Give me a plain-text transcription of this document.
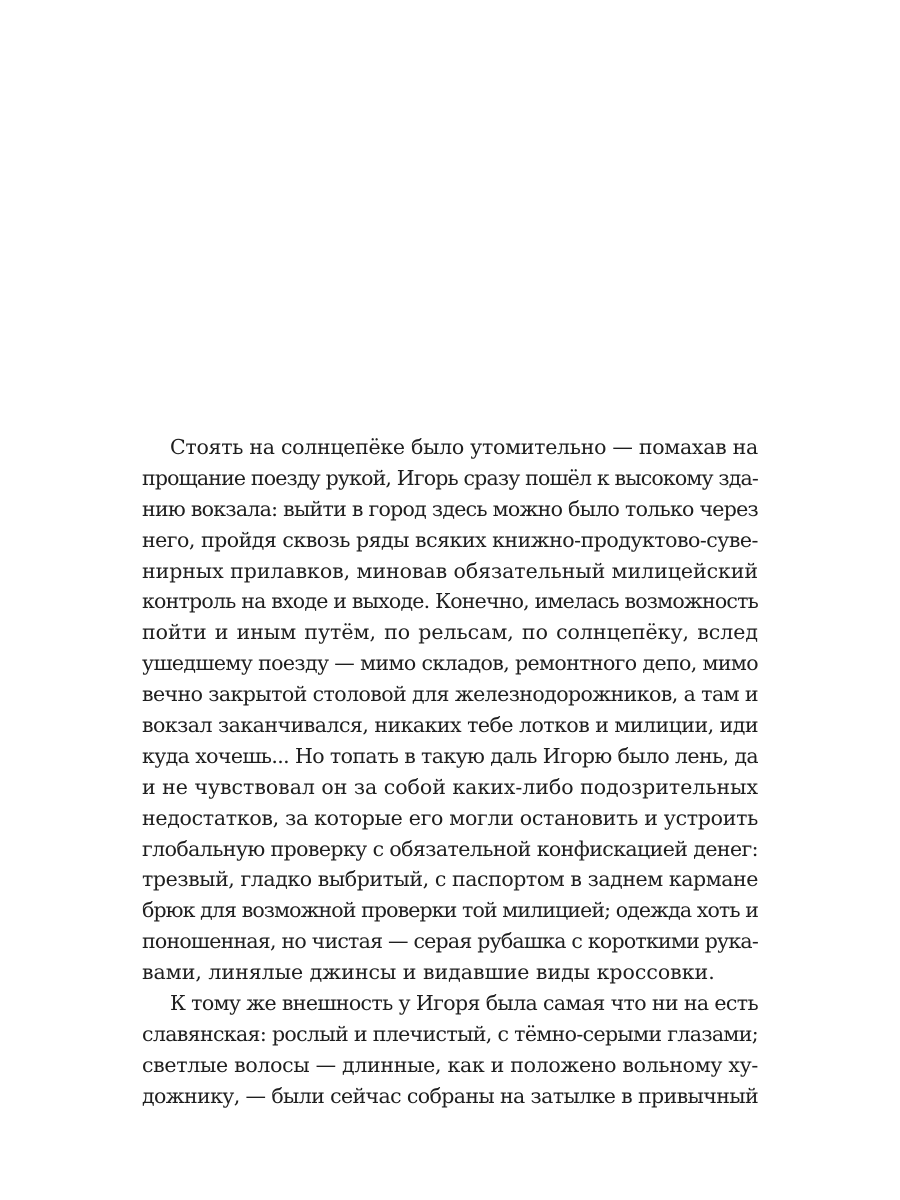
Стоять на солнцепёке было утомительно — помахав на
прощание поезду рукой, Игорь сразу пошёл к высокому зда-
нию вокзала: выйти в город здесь можно было только через
него, пройдя сквозь ряды всяких книжно-продуктово-суве-
нирных прилавков, миновав обязательный милицейский
контроль на входе и выходе. Конечно, имелась возможность
пойти и иным путём, по рельсам, по солнцепёку, вслед
ушедшему поезду — мимо складов, ремонтного депо, мимо
вечно закрытой столовой для железнодорожников, а там и
вокзал заканчивался, никаких тебе лотков и милиции, иди
куда хочешь... Но топать в такую даль Игорю было лень, да
и не чувствовал он за собой каких-либо подозрительных
недостатков, за которые его могли остановить и устроить
глобальную проверку с обязательной конфискацией денег:
трезвый, гладко выбритый, с паспортом в заднем кармане
брюк для возможной проверки той милицией; одежда хоть и
поношенная, но чистая — серая рубашка с короткими рука-
вами, линялые джинсы и видавшие виды кроссовки.
К тому же внешность у Игоря была самая что ни на есть
славянская: рослый и плечистый, с тёмно-серыми глазами;
светлые волосы — длинные, как и положено вольному ху-
дожнику, — были сейчас собраны на затылке в привычный
